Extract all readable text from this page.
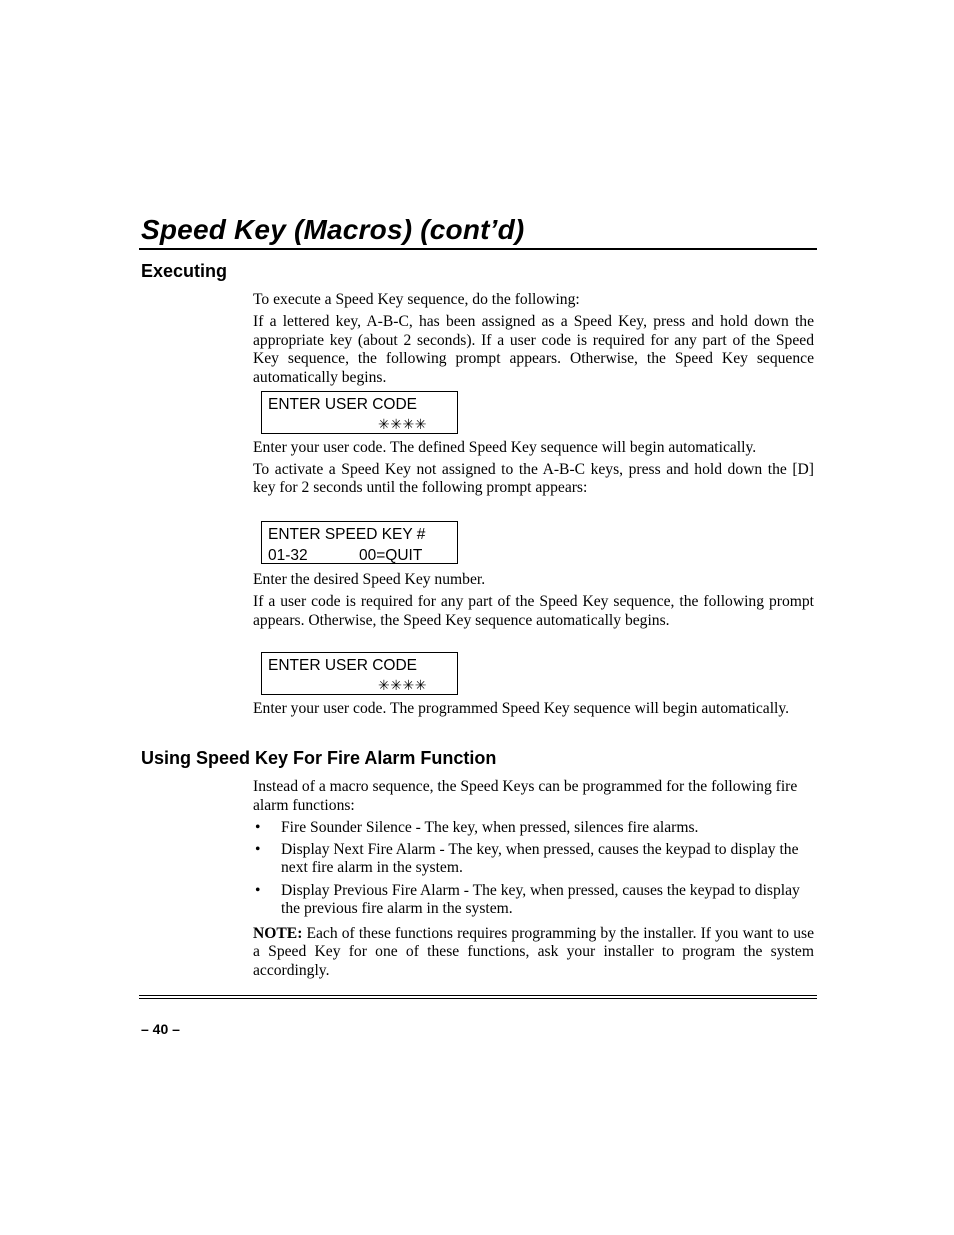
Speed Key (Macros) (cont’d)
Executing

To execute a Speed Key sequence, do the following:

If a lettered key, A-B-C, has been assigned as a Speed Key, press and hold down the appropriate key (about 2 seconds). If a user code is required for any part of the Speed Key sequence, the following prompt appears. Otherwise, the Speed Key sequence automatically begins.

ENTER USER CODE
✳✳✳✳

Enter your user code. The defined Speed Key sequence will begin automatically.

To activate a Speed Key not assigned to the A-B-C keys, press and hold down the [D] key for 2 seconds until the following prompt appears:

ENTER SPEED KEY #
01-32	00=QUIT

Enter the desired Speed Key number.

If a user code is required for any part of the Speed Key sequence, the following prompt appears. Otherwise, the Speed Key sequence automatically begins.

ENTER USER CODE
✳✳✳✳

Enter your user code. The programmed Speed Key sequence will begin automatically.

Using Speed Key For Fire Alarm Function

Instead of a macro sequence, the Speed Keys can be programmed for the following fire alarm functions:

• Fire Sounder Silence - The key, when pressed, silences fire alarms.
• Display Next Fire Alarm - The key, when pressed, causes the keypad to display the next fire alarm in the system.
• Display Previous Fire Alarm - The key, when pressed, causes the keypad to display the previous fire alarm in the system.

NOTE: Each of these functions requires programming by the installer. If you want to use a Speed Key for one of these functions, ask your installer to program the system accordingly.

– 40 –
